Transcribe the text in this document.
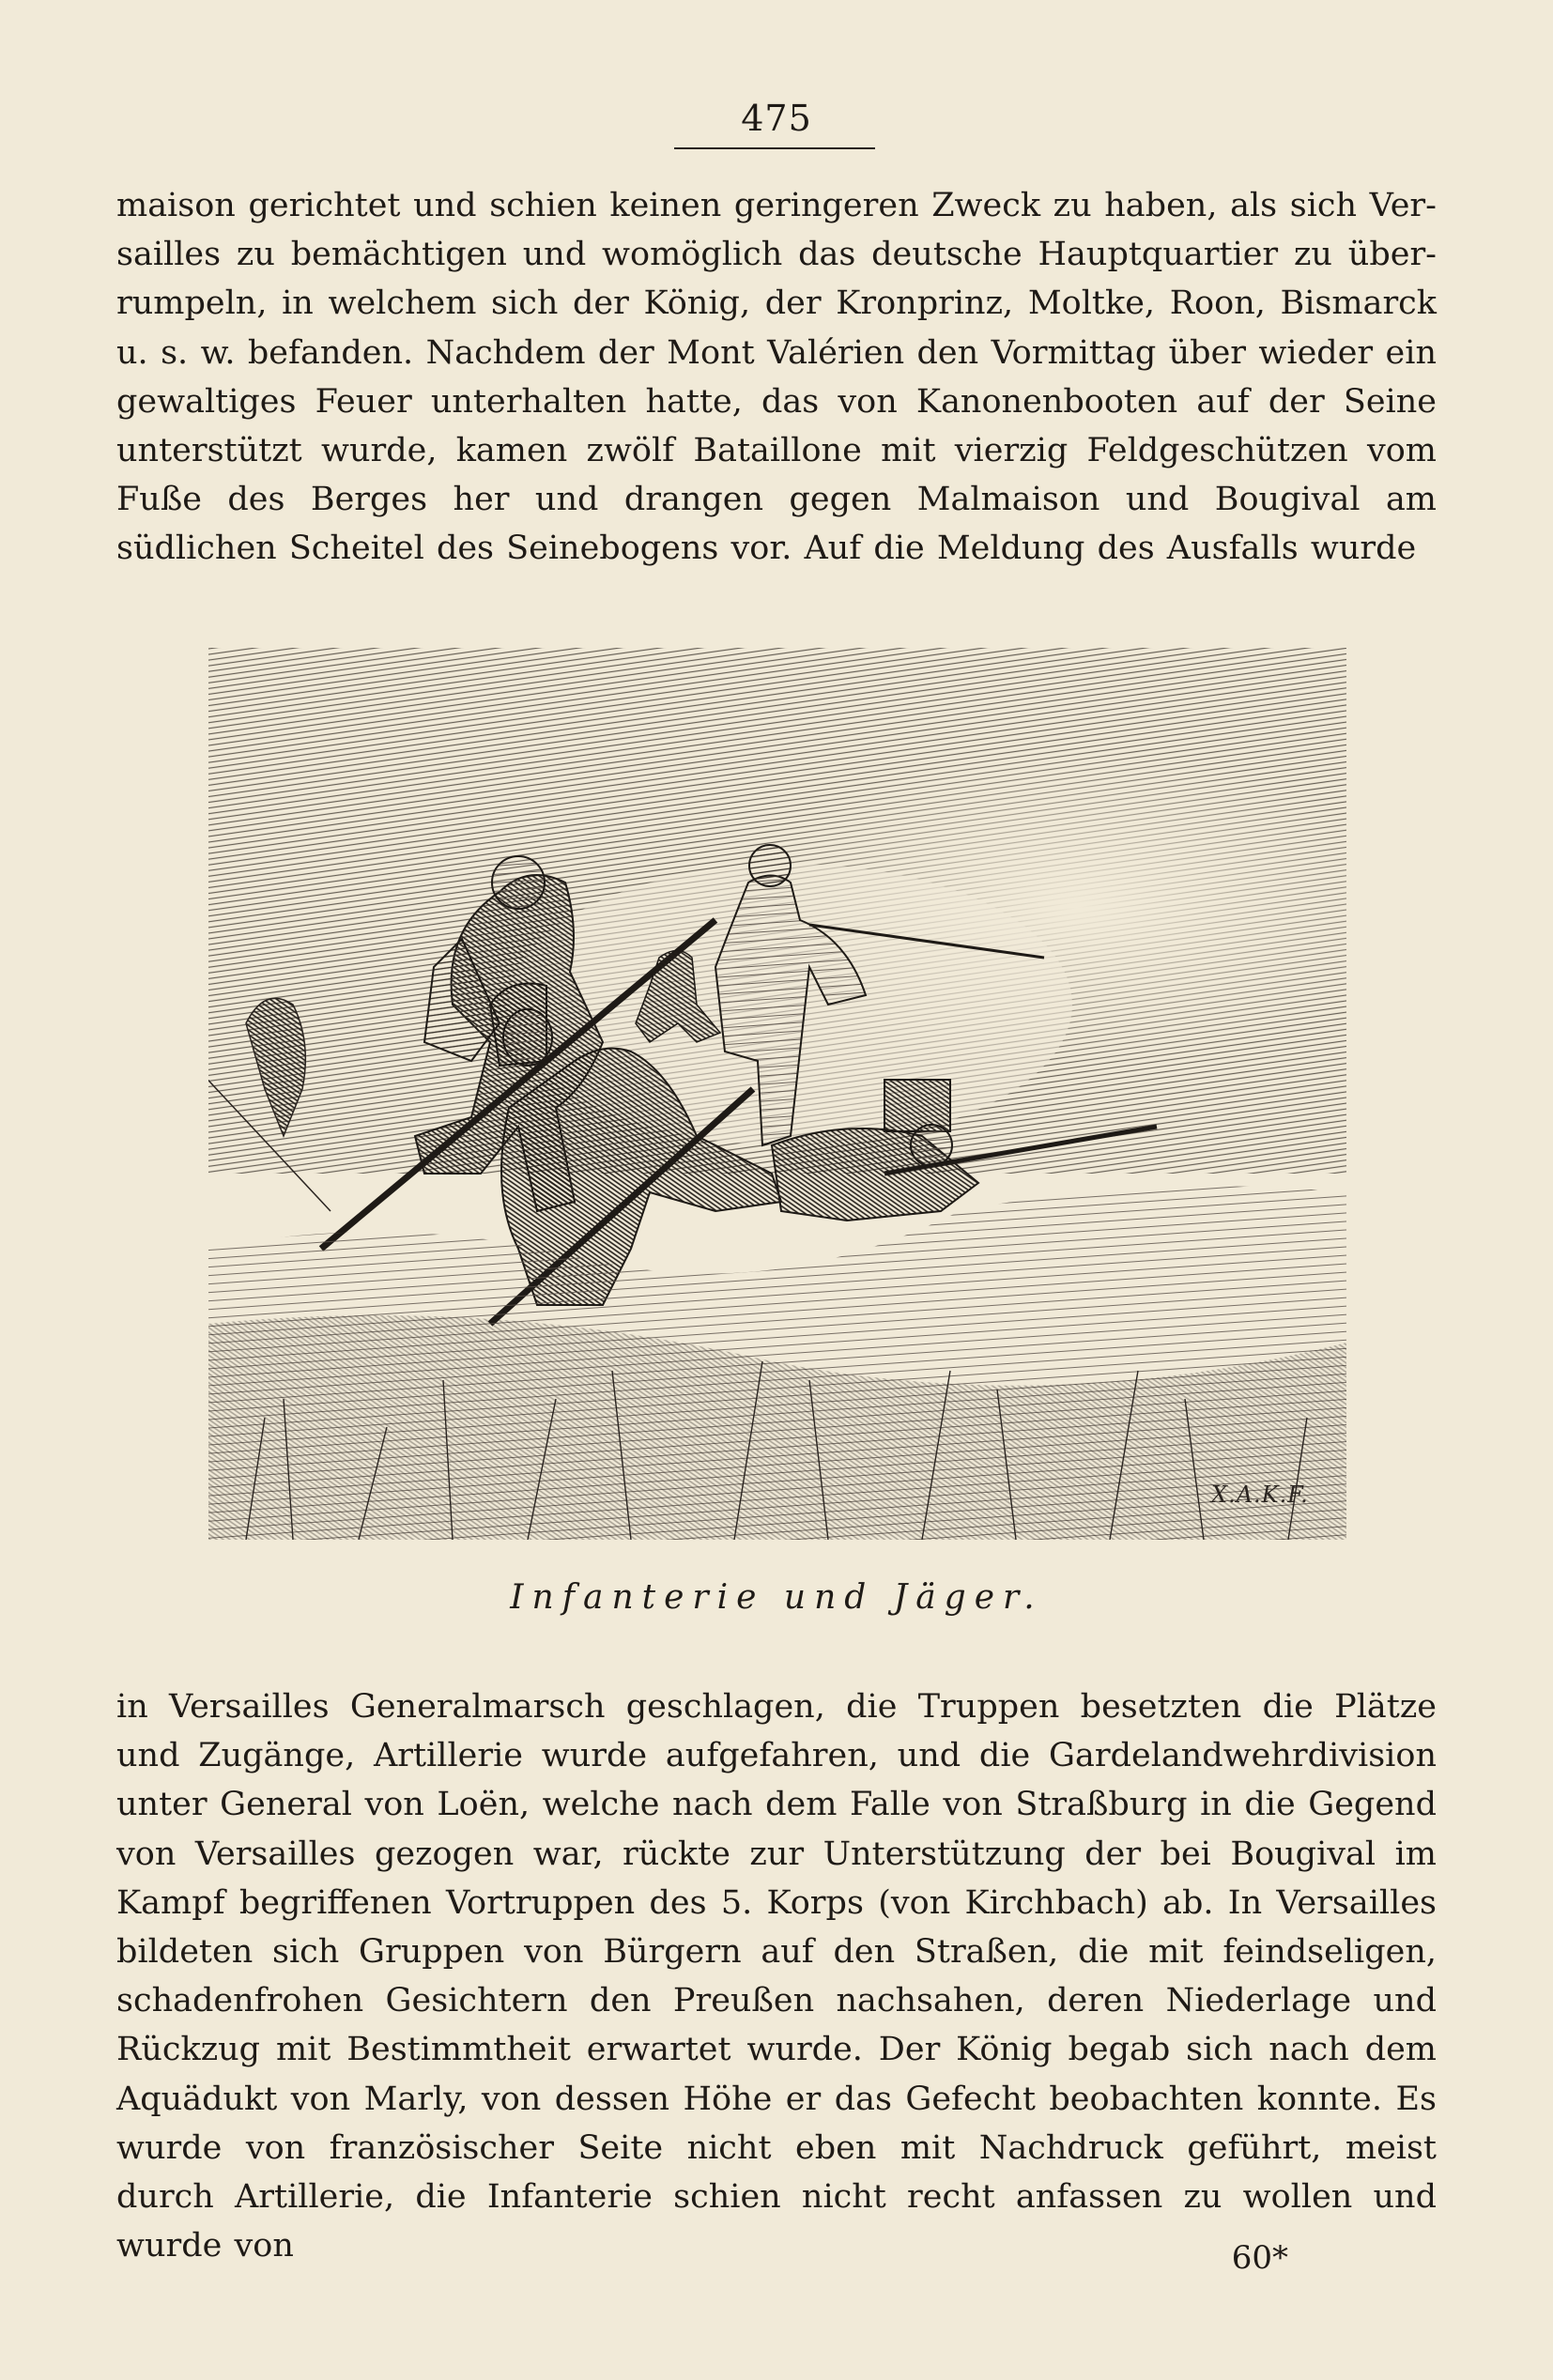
475

maison gerichtet und schien keinen geringeren Zweck zu haben, als sich Versailles zu bemächtigen und womöglich das deutsche Hauptquartier zu überrumpeln, in welchem sich der König, der Kronprinz, Moltke, Roon, Bismarck u. s. w. befanden. Nachdem der Mont Valérien den Vormittag über wieder ein gewaltiges Feuer unterhalten hatte, das von Kanonenbooten auf der Seine unterstützt wurde, kamen zwölf Bataillone mit vierzig Feldgeschützen vom Fuße des Berges her und drangen gegen Malmaison und Bougival am südlichen Scheitel des Seinebogens vor. Auf die Meldung des Ausfalls wurde

X.A.K.F.
Infanterie und Jäger.

in Versailles Generalmarsch geschlagen, die Truppen besetzten die Plätze und Zugänge, Artillerie wurde aufgefahren, und die Gardelandwehrdivision unter General von Loën, welche nach dem Falle von Straßburg in die Gegend von Versailles gezogen war, rückte zur Unterstützung der bei Bougival im Kampf begriffenen Vortruppen des 5. Korps (von Kirchbach) ab. In Versailles bildeten sich Gruppen von Bürgern auf den Straßen, die mit feindseligen, schadenfrohen Gesichtern den Preußen nachsahen, deren Niederlage und Rückzug mit Bestimmtheit erwartet wurde. Der König begab sich nach dem Aquädukt von Marly, von dessen Höhe er das Gefecht beobachten konnte. Es wurde von französischer Seite nicht eben mit Nachdruck geführt, meist durch Artillerie, die Infanterie schien nicht recht anfassen zu wollen und wurde von	60*
